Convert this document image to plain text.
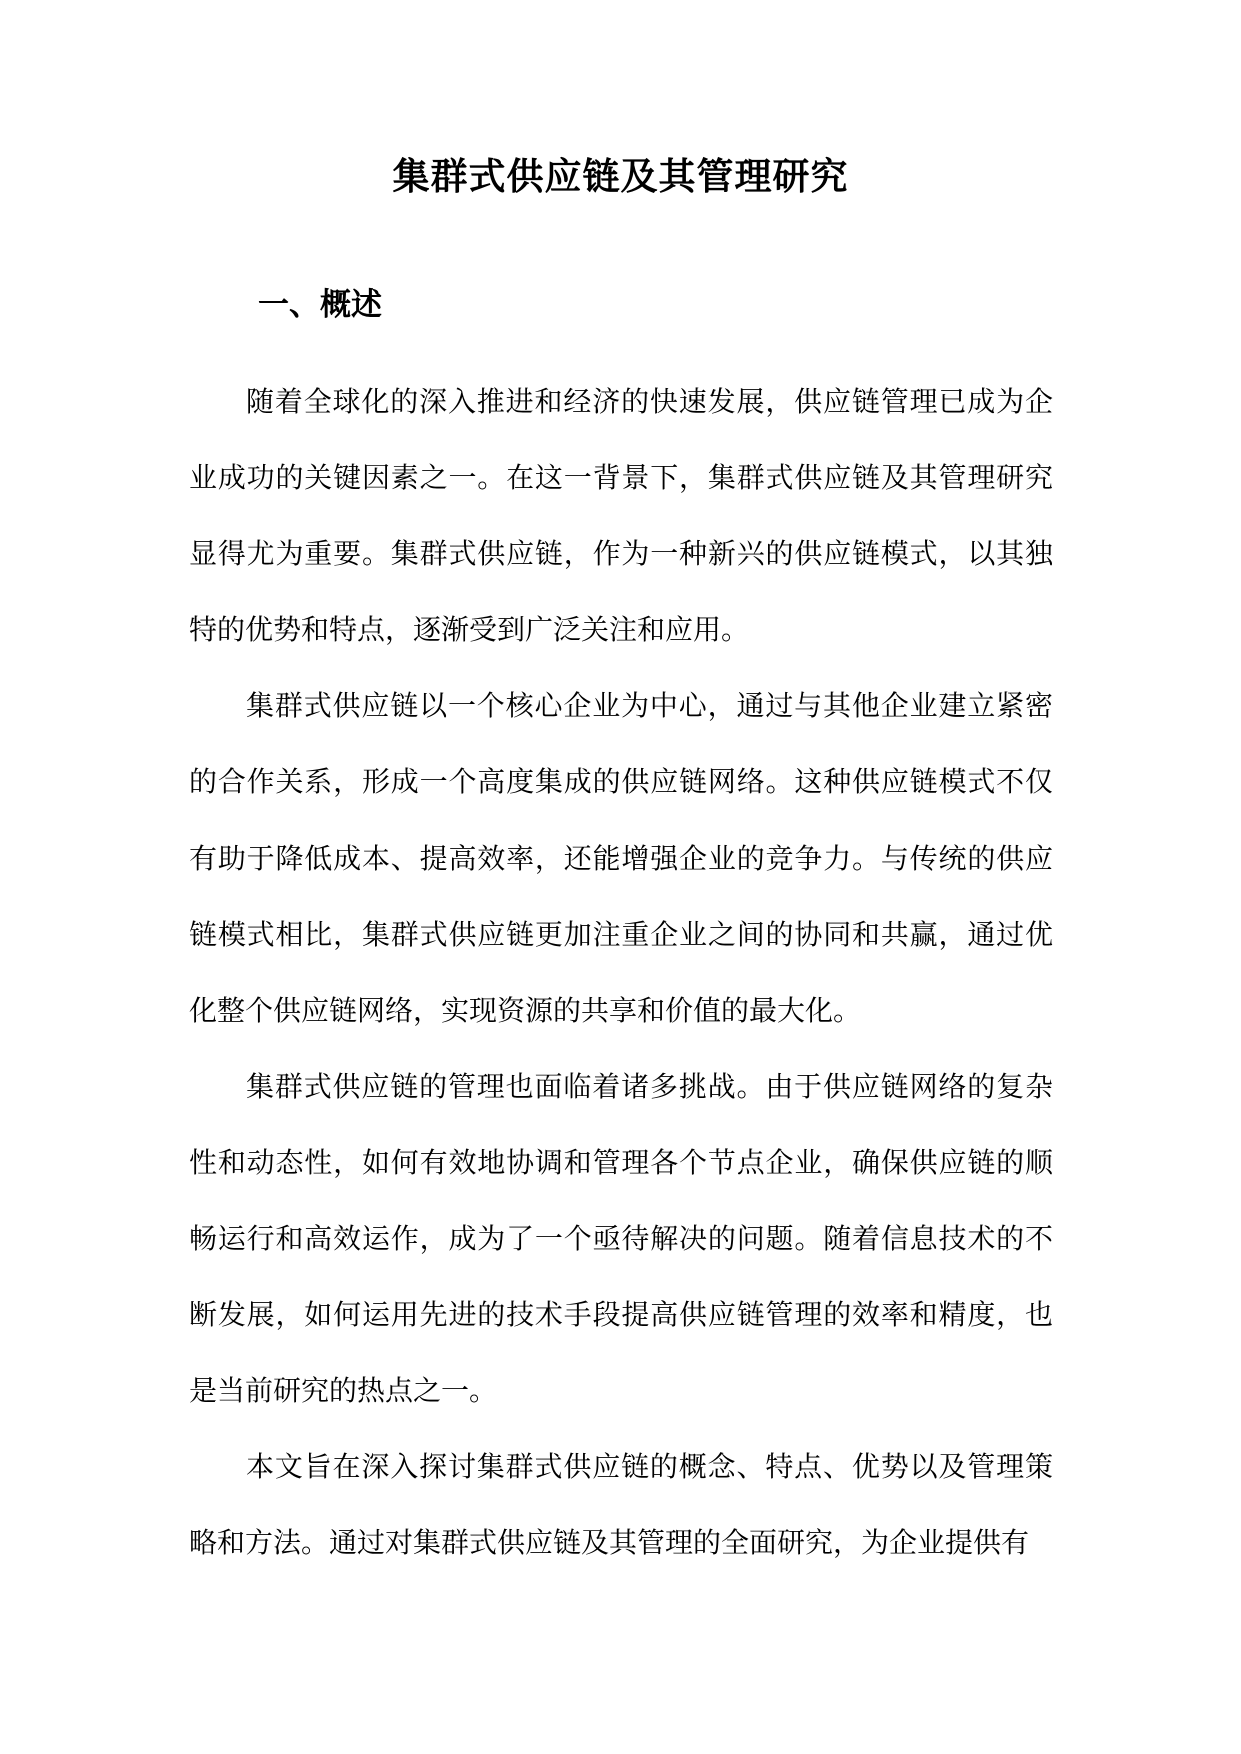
集群式供应链及其管理研究
一、概述

随着全球化的深入推进和经济的快速发展，供应链管理已成为企业成功的关键因素之一。在这一背景下，集群式供应链及其管理研究显得尤为重要。集群式供应链，作为一种新兴的供应链模式，以其独特的优势和特点，逐渐受到广泛关注和应用。

集群式供应链以一个核心企业为中心，通过与其他企业建立紧密的合作关系，形成一个高度集成的供应链网络。这种供应链模式不仅有助于降低成本、提高效率，还能增强企业的竞争力。与传统的供应链模式相比，集群式供应链更加注重企业之间的协同和共赢，通过优化整个供应链网络，实现资源的共享和价值的最大化。

集群式供应链的管理也面临着诸多挑战。由于供应链网络的复杂性和动态性，如何有效地协调和管理各个节点企业，确保供应链的顺畅运行和高效运作，成为了一个亟待解决的问题。随着信息技术的不断发展，如何运用先进的技术手段提高供应链管理的效率和精度，也是当前研究的热点之一。

本文旨在深入探讨集群式供应链的概念、特点、优势以及管理策略和方法。通过对集群式供应链及其管理的全面研究，为企业提供有
